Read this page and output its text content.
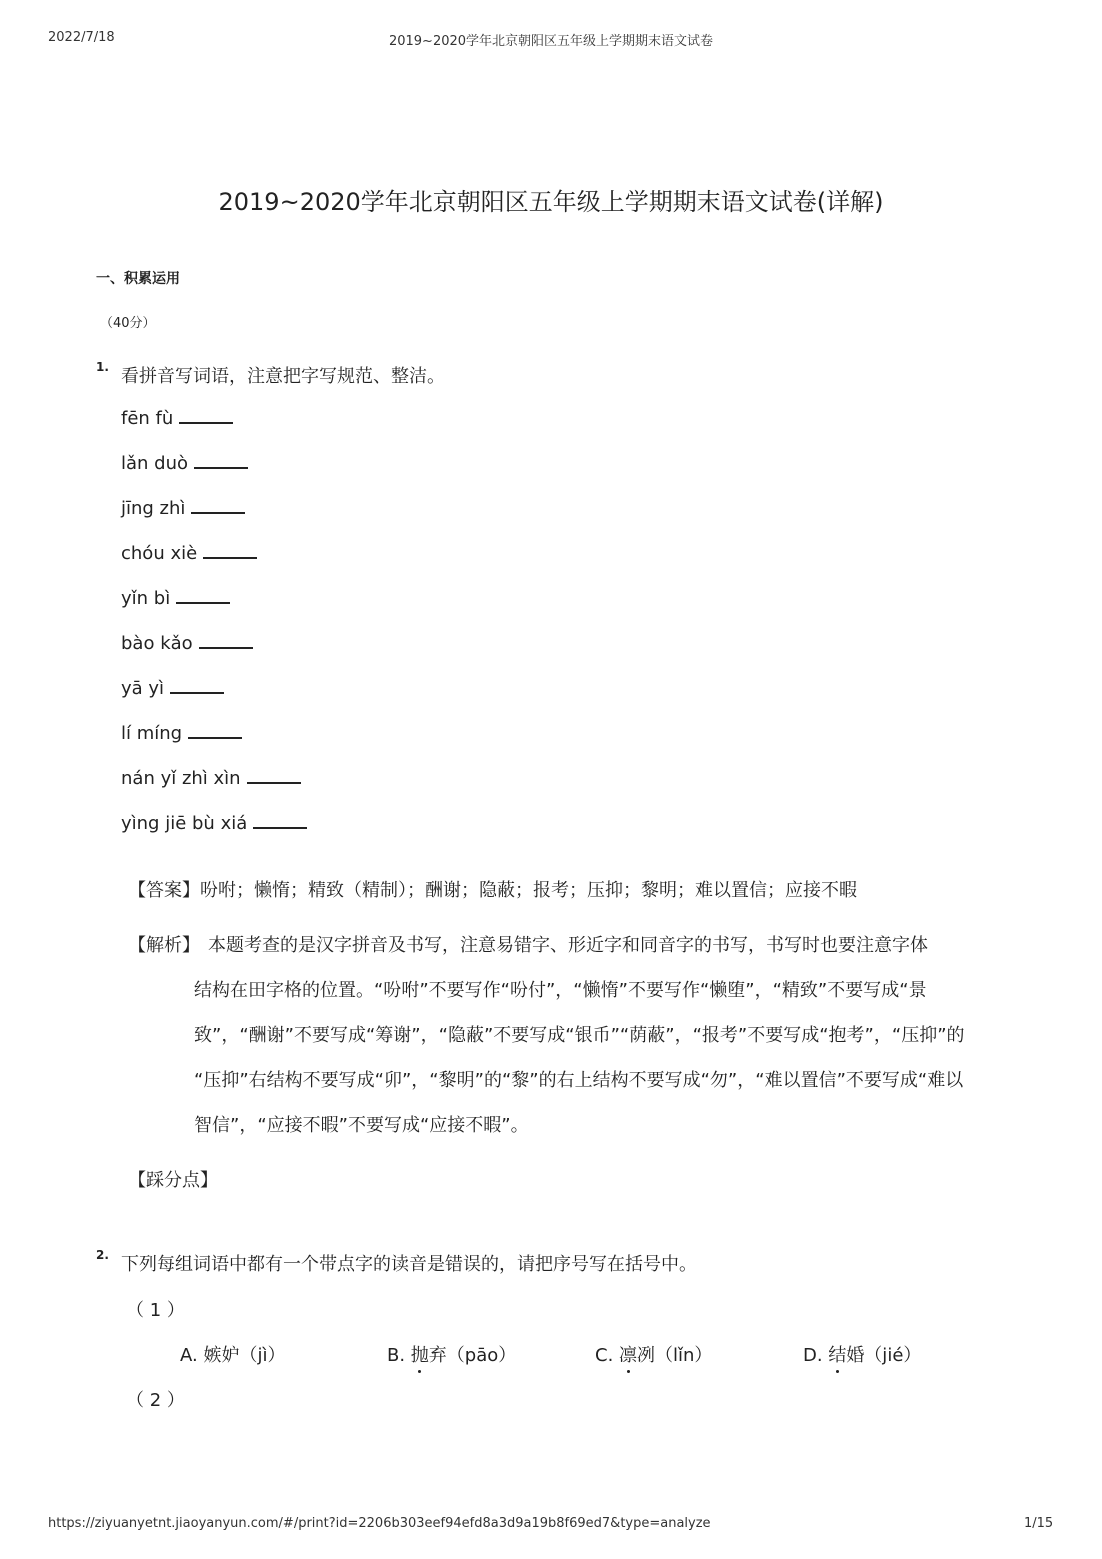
2022/7/18	2019~2020学年北京朝阳区五年级上学期期末语文试卷
2019~2020学年北京朝阳区五年级上学期期末语文试卷(详解)
一、积累运用
（40分）
1. 看拼音写词语，注意把字写规范、整洁。
fēn fù
lǎn duò
jīng zhì
chóu xiè
yǐn bì
bào kǎo
yā yì
lí míng
nán yǐ zhì xìn
yìng jiē bù xiá
【答案】吩咐；懒惰；精致（精制）；酬谢；隐蔽；报考；压抑；黎明；难以置信；应接不暇
【解析】 本题考查的是汉字拼音及书写，注意易错字、形近字和同音字的书写，书写时也要注意字体
结构在田字格的位置。“吩咐”不要写作“吩付”，“懒惰”不要写作“懒堕”，“精致”不要写成“景
致”，“酬谢”不要写成“筹谢”，“隐蔽”不要写成“银币”“荫蔽”，“报考”不要写成“抱考”，“压抑”的
“压抑”右结构不要写成“卯”，“黎明”的“黎”的右上结构不要写成“勿”，“难以置信”不要写成“难以
智信”，“应接不暇”不要写成“应接不暇”。
【踩分点】
2. 下列每组词语中都有一个带点字的读音是错误的，请把序号写在括号中。
（ 1 ）
A. 嫉妒（jì）	B. 抛弃（pāo）	C. 凛冽（lǐn）	D. 结婚（jié）
（ 2 ）
https://ziyuanyetnt.jiaoyanyun.com/#/print?id=2206b303eef94efd8a3d9a19b8f69ed7&type=analyze	1/15
